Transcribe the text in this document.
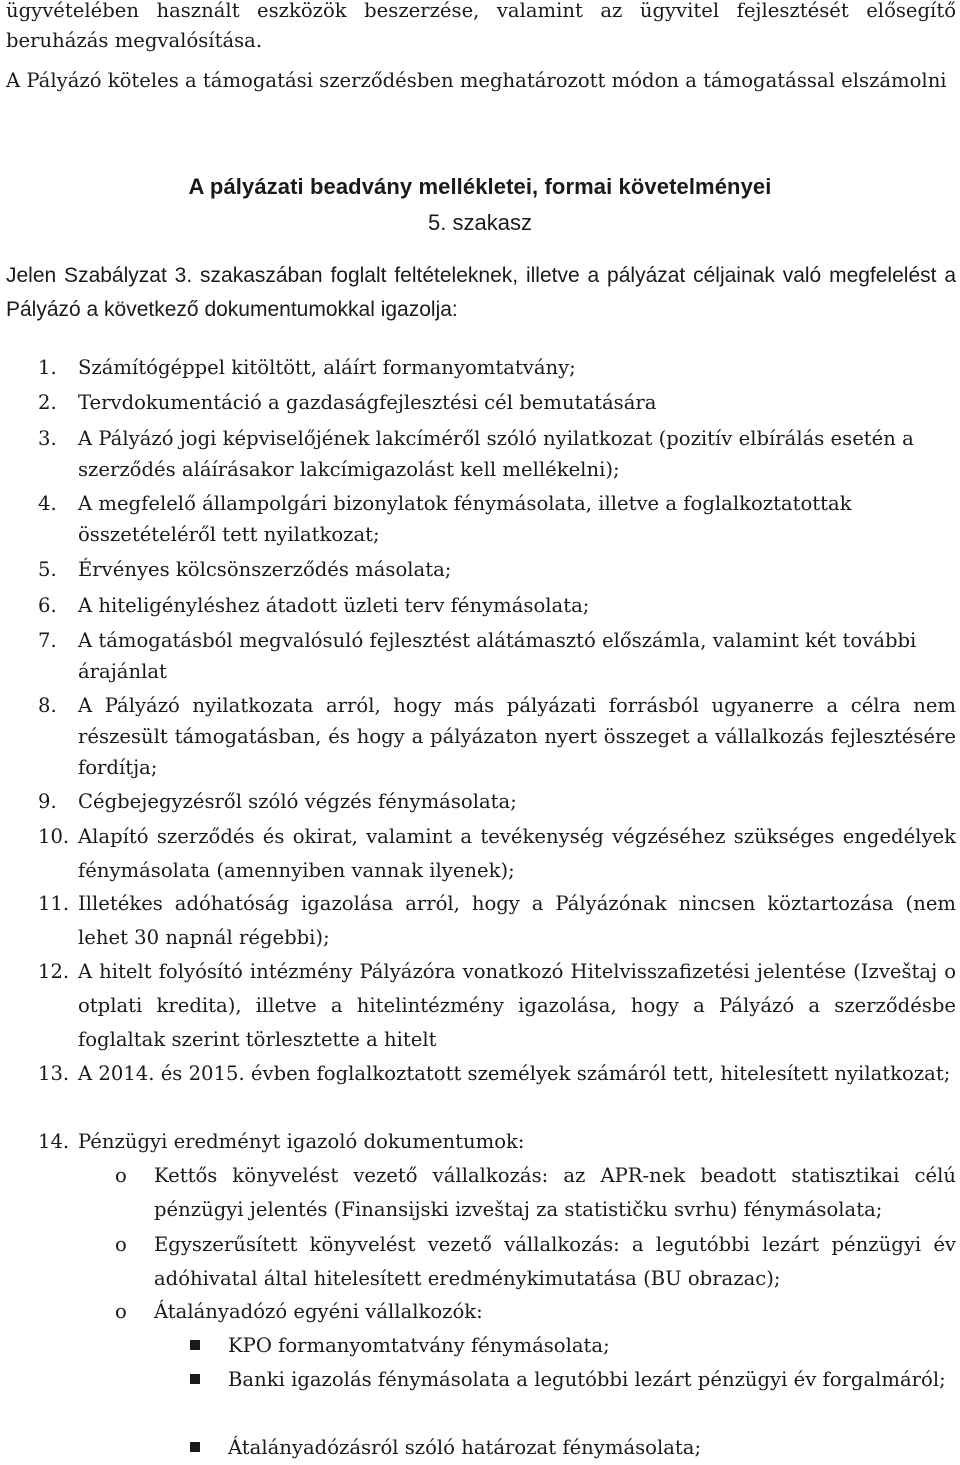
ügyvételében használt eszközök beszerzése, valamint az ügyvitel fejlesztését elősegítő beruházás megvalósítása.

A Pályázó köteles a támogatási szerződésben meghatározott módon a támogatással elszámolni

A pályázati beadvány mellékletei, formai követelményei
5. szakasz

Jelen Szabályzat 3. szakaszában foglalt feltételeknek, illetve a pályázat céljainak való megfelelést a Pályázó a következő dokumentumokkal igazolja:

1. Számítógéppel kitöltött, aláírt formanyomtatvány;
2. Tervdokumentáció a gazdaságfejlesztési cél bemutatására
3. A Pályázó jogi képviselőjének lakcíméről szóló nyilatkozat (pozitív elbírálás esetén a szerződés aláírásakor lakcímigazolást kell mellékelni);
4. A megfelelő állampolgári bizonylatok fénymásolata, illetve a foglalkoztatottak összetételéről tett nyilatkozat;
5. Érvényes kölcsönszerződés másolata;
6. A hiteligényléshez átadott üzleti terv fénymásolata;
7. A támogatásból megvalósuló fejlesztést alátámasztó előszámla, valamint két további árajánlat
8. A Pályázó nyilatkozata arról, hogy más pályázati forrásból ugyanerre a célra nem részesült támogatásban, és hogy a pályázaton nyert összeget a vállalkozás fejlesztésére fordítja;
9. Cégbejegyzésről szóló végzés fénymásolata;
10. Alapító szerződés és okirat, valamint a tevékenység végzéséhez szükséges engedélyek fénymásolata (amennyiben vannak ilyenek);
11. Illetékes adóhatóság igazolása arról, hogy a Pályázónak nincsen köztartozása (nem lehet 30 napnál régebbi);
12. A hitelt folyósító intézmény Pályázóra vonatkozó Hitelvisszafizetési jelentése (Izveštaj o otplati kredita), illetve a hitelintézmény igazolása, hogy a Pályázó a szerződésbe foglaltak szerint törlesztette a hitelt
13. A 2014. és 2015. évben foglalkoztatott személyek számáról tett, hitelesített nyilatkozat;
14. Pénzügyi eredményt igazoló dokumentumok:
o Kettős könyvelést vezető vállalkozás: az APR-nek beadott statisztikai célú pénzügyi jelentés (Finansijski izveštaj za statističku svrhu) fénymásolata;
o Egyszerűsített könyvelést vezető vállalkozás: a legutóbbi lezárt pénzügyi év adóhivatal által hitelesített eredménykimutatása (BU obrazac);
o Átalányadózó egyéni vállalkozók:
KPO formanyomtatvány fénymásolata;
Banki igazolás fénymásolata a legutóbbi lezárt pénzügyi év forgalmáról;
Átalányadózásról szóló határozat fénymásolata;
